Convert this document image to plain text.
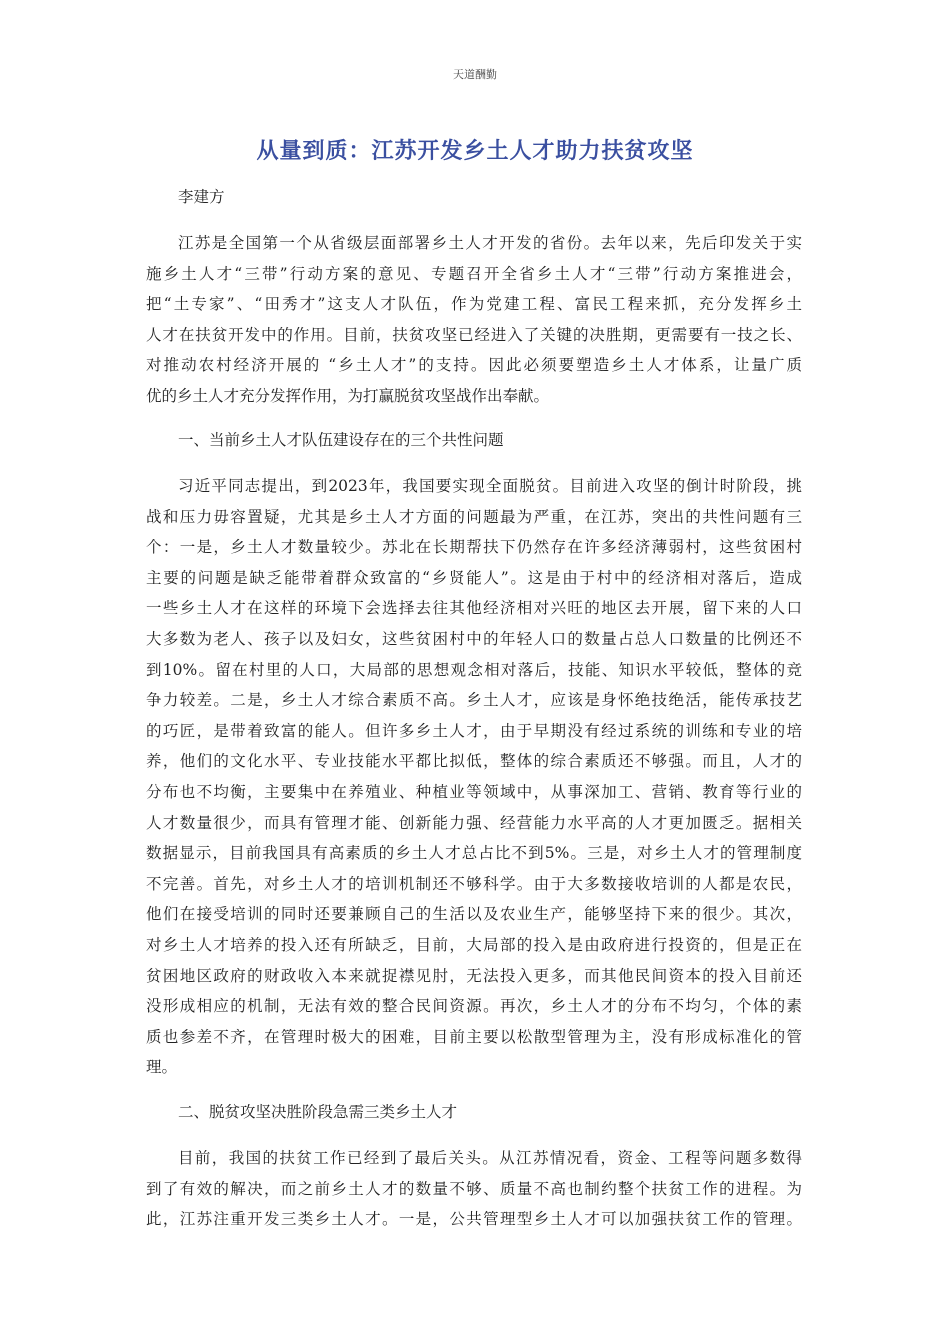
天道酬勤
从量到质：江苏开发乡土人才助力扶贫攻坚
李建方
江苏是全国第一个从省级层面部署乡土人才开发的省份。去年以来，先后印发关于实
施乡土人才“三带”行动方案的意见、专题召开全省乡土人才“三带”行动方案推进会，
把“土专家”、“田秀才”这支人才队伍，作为党建工程、富民工程来抓，充分发挥乡土
人才在扶贫开发中的作用。目前，扶贫攻坚已经进入了关键的决胜期，更需要有一技之长、
对推动农村经济开展的 “乡土人才”的支持。因此必须要塑造乡土人才体系，让量广质
优的乡土人才充分发挥作用，为打赢脱贫攻坚战作出奉献。
一、当前乡土人才队伍建设存在的三个共性问题
习近平同志提出，到2023年，我国要实现全面脱贫。目前进入攻坚的倒计时阶段，挑
战和压力毋容置疑，尤其是乡土人才方面的问题最为严重，在江苏，突出的共性问题有三
个：一是，乡土人才数量较少。苏北在长期帮扶下仍然存在许多经济薄弱村，这些贫困村
主要的问题是缺乏能带着群众致富的“乡贤能人”。这是由于村中的经济相对落后，造成
一些乡土人才在这样的环境下会选择去往其他经济相对兴旺的地区去开展，留下来的人口
大多数为老人、孩子以及妇女，这些贫困村中的年轻人口的数量占总人口数量的比例还不
到10%。留在村里的人口，大局部的思想观念相对落后，技能、知识水平较低，整体的竞
争力较差。二是，乡土人才综合素质不高。乡土人才，应该是身怀绝技绝活，能传承技艺
的巧匠，是带着致富的能人。但许多乡土人才，由于早期没有经过系统的训练和专业的培
养，他们的文化水平、专业技能水平都比拟低，整体的综合素质还不够强。而且，人才的
分布也不均衡，主要集中在养殖业、种植业等领域中，从事深加工、营销、教育等行业的
人才数量很少，而具有管理才能、创新能力强、经营能力水平高的人才更加匮乏。据相关
数据显示，目前我国具有高素质的乡土人才总占比不到5%。三是，对乡土人才的管理制度
不完善。首先，对乡土人才的培训机制还不够科学。由于大多数接收培训的人都是农民，
他们在接受培训的同时还要兼顾自己的生活以及农业生产，能够坚持下来的很少。其次，
对乡土人才培养的投入还有所缺乏，目前，大局部的投入是由政府进行投资的，但是正在
贫困地区政府的财政收入本来就捉襟见肘，无法投入更多，而其他民间资本的投入目前还
没形成相应的机制，无法有效的整合民间资源。再次，乡土人才的分布不均匀，个体的素
质也参差不齐，在管理时极大的困难，目前主要以松散型管理为主，没有形成标准化的管
理。
二、脱贫攻坚决胜阶段急需三类乡土人才
目前，我国的扶贫工作已经到了最后关头。从江苏情况看，资金、工程等问题多数得
到了有效的解决，而之前乡土人才的数量不够、质量不高也制约整个扶贫工作的进程。为
此，江苏注重开发三类乡土人才。一是，公共管理型乡土人才可以加强扶贫工作的管理。
